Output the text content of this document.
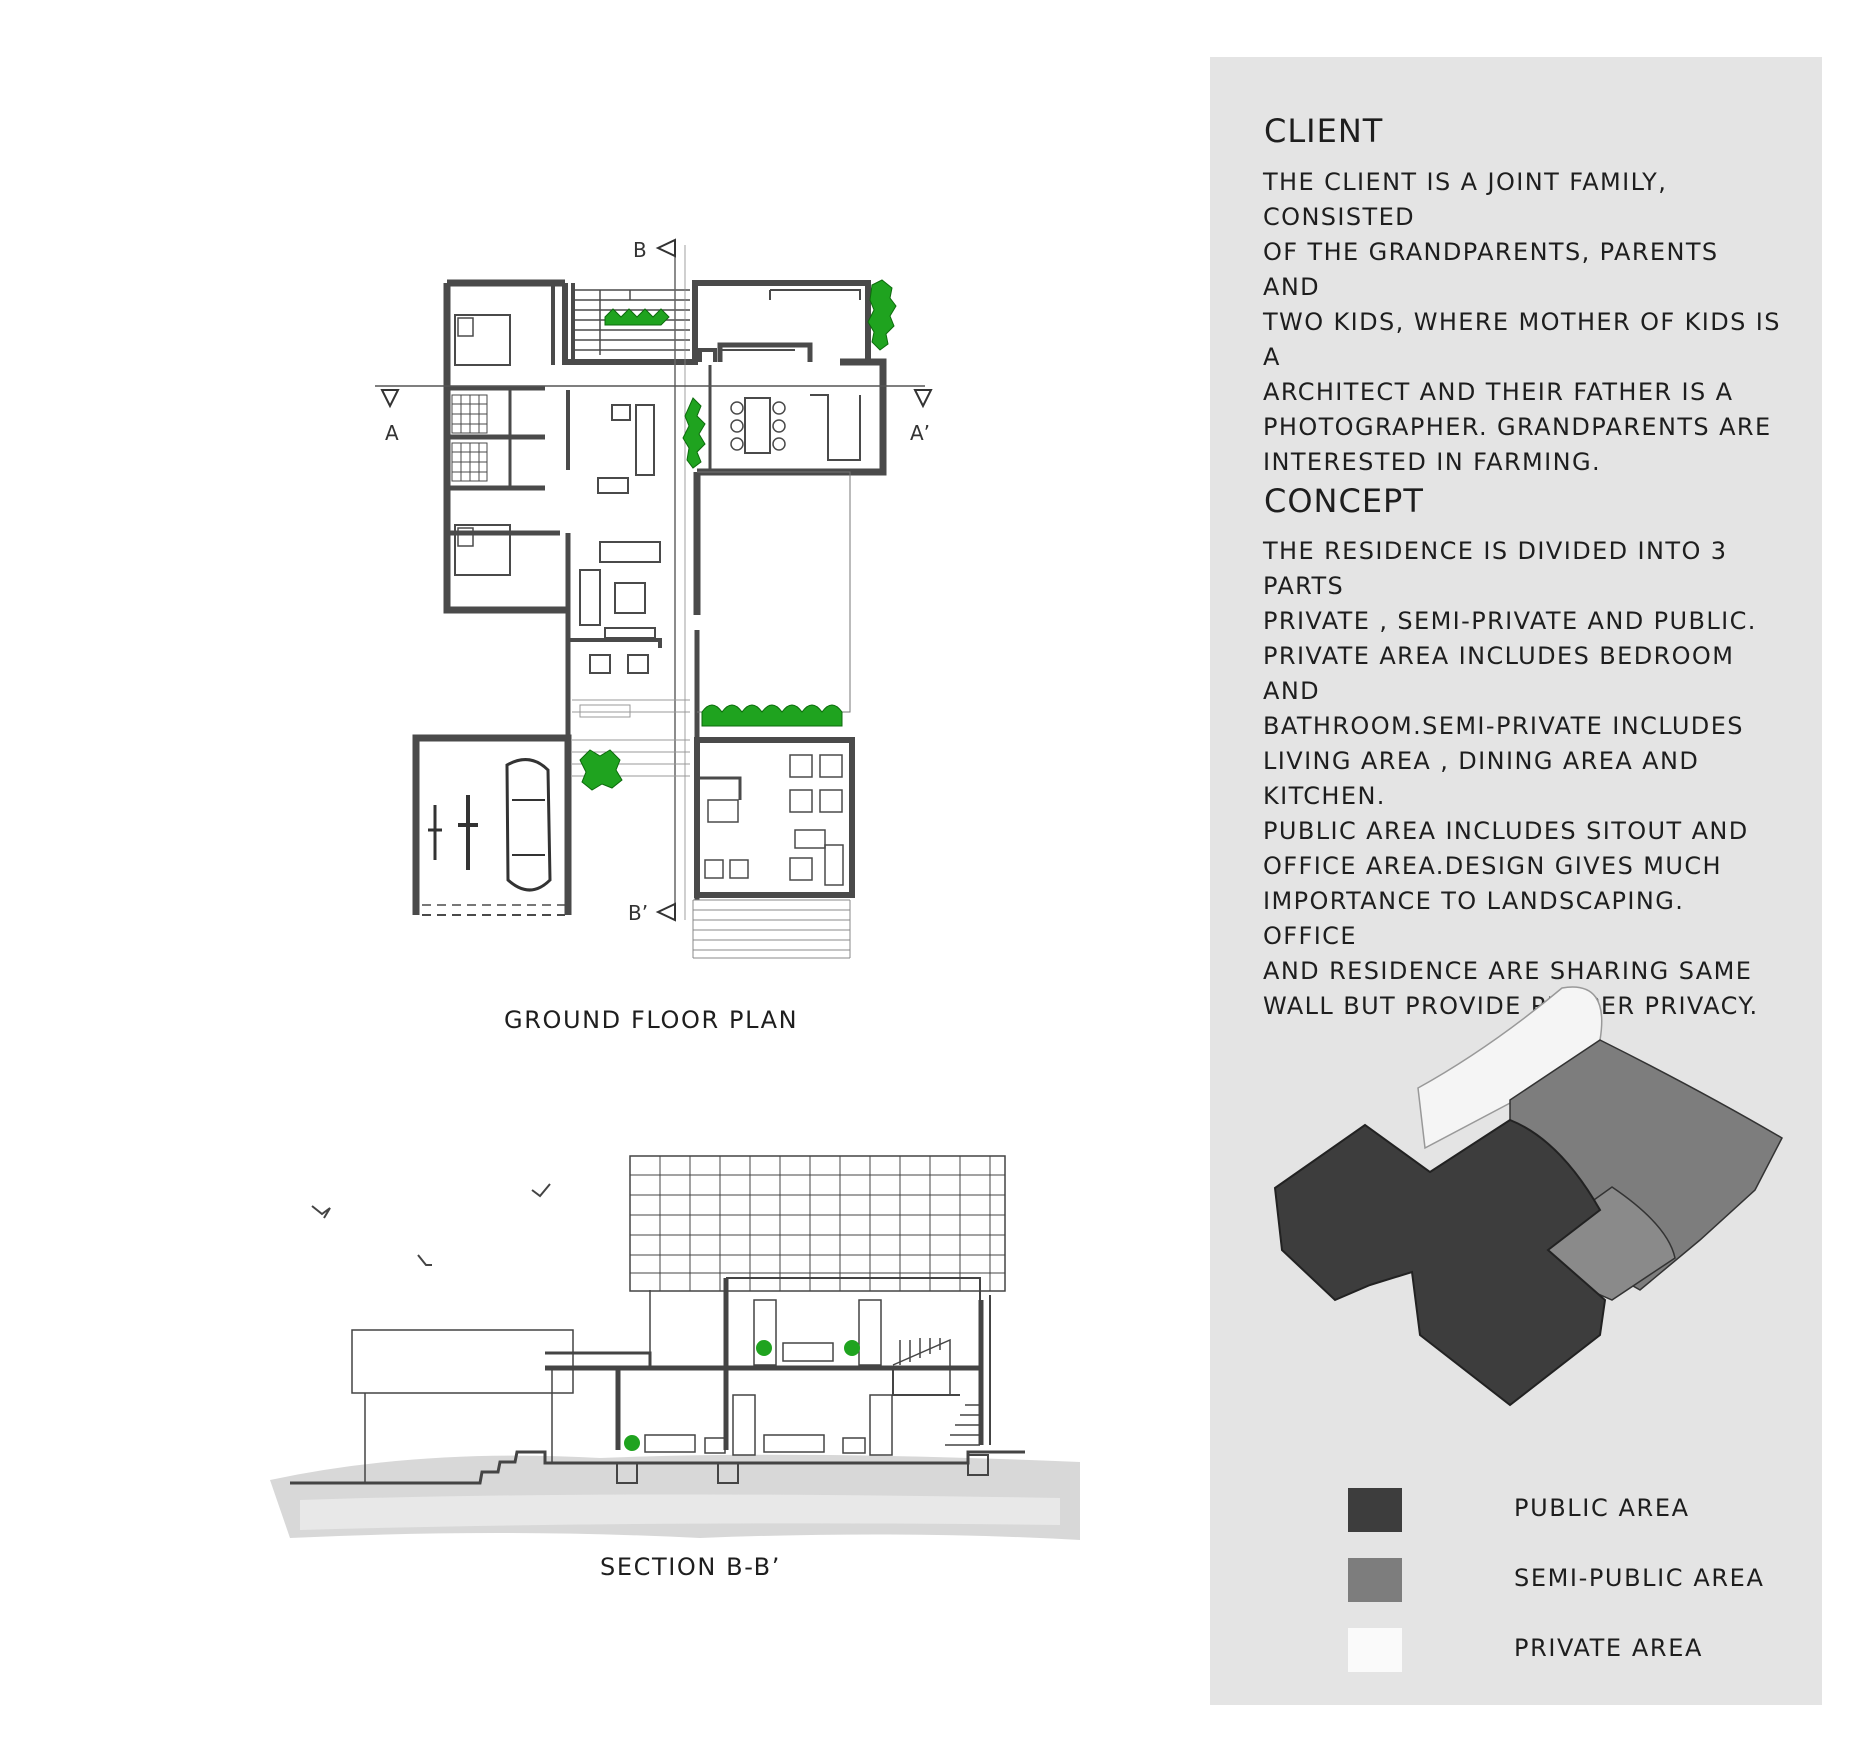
CLIENT
THE CLIENT IS A JOINT FAMILY, CONSISTED
OF THE GRANDPARENTS, PARENTS AND
TWO KIDS, WHERE MOTHER OF KIDS IS A
ARCHITECT AND THEIR FATHER IS A
PHOTOGRAPHER. GRANDPARENTS ARE
INTERESTED IN FARMING.
CONCEPT
THE RESIDENCE IS DIVIDED INTO 3 PARTS
PRIVATE , SEMI-PRIVATE AND PUBLIC.
PRIVATE AREA INCLUDES BEDROOM AND
BATHROOM.SEMI-PRIVATE INCLUDES
LIVING AREA , DINING AREA AND KITCHEN.
PUBLIC AREA INCLUDES SITOUT AND
OFFICE AREA.DESIGN GIVES MUCH
IMPORTANCE TO LANDSCAPING. OFFICE
AND RESIDENCE ARE SHARING SAME
WALL BUT PROVIDE PRIVACY.
B
B’
A	A’
GROUND FLOOR PLAN
SECTION B-B’
PUBLIC AREA
SEMI-PUBLIC AREA
PRIVATE AREA
